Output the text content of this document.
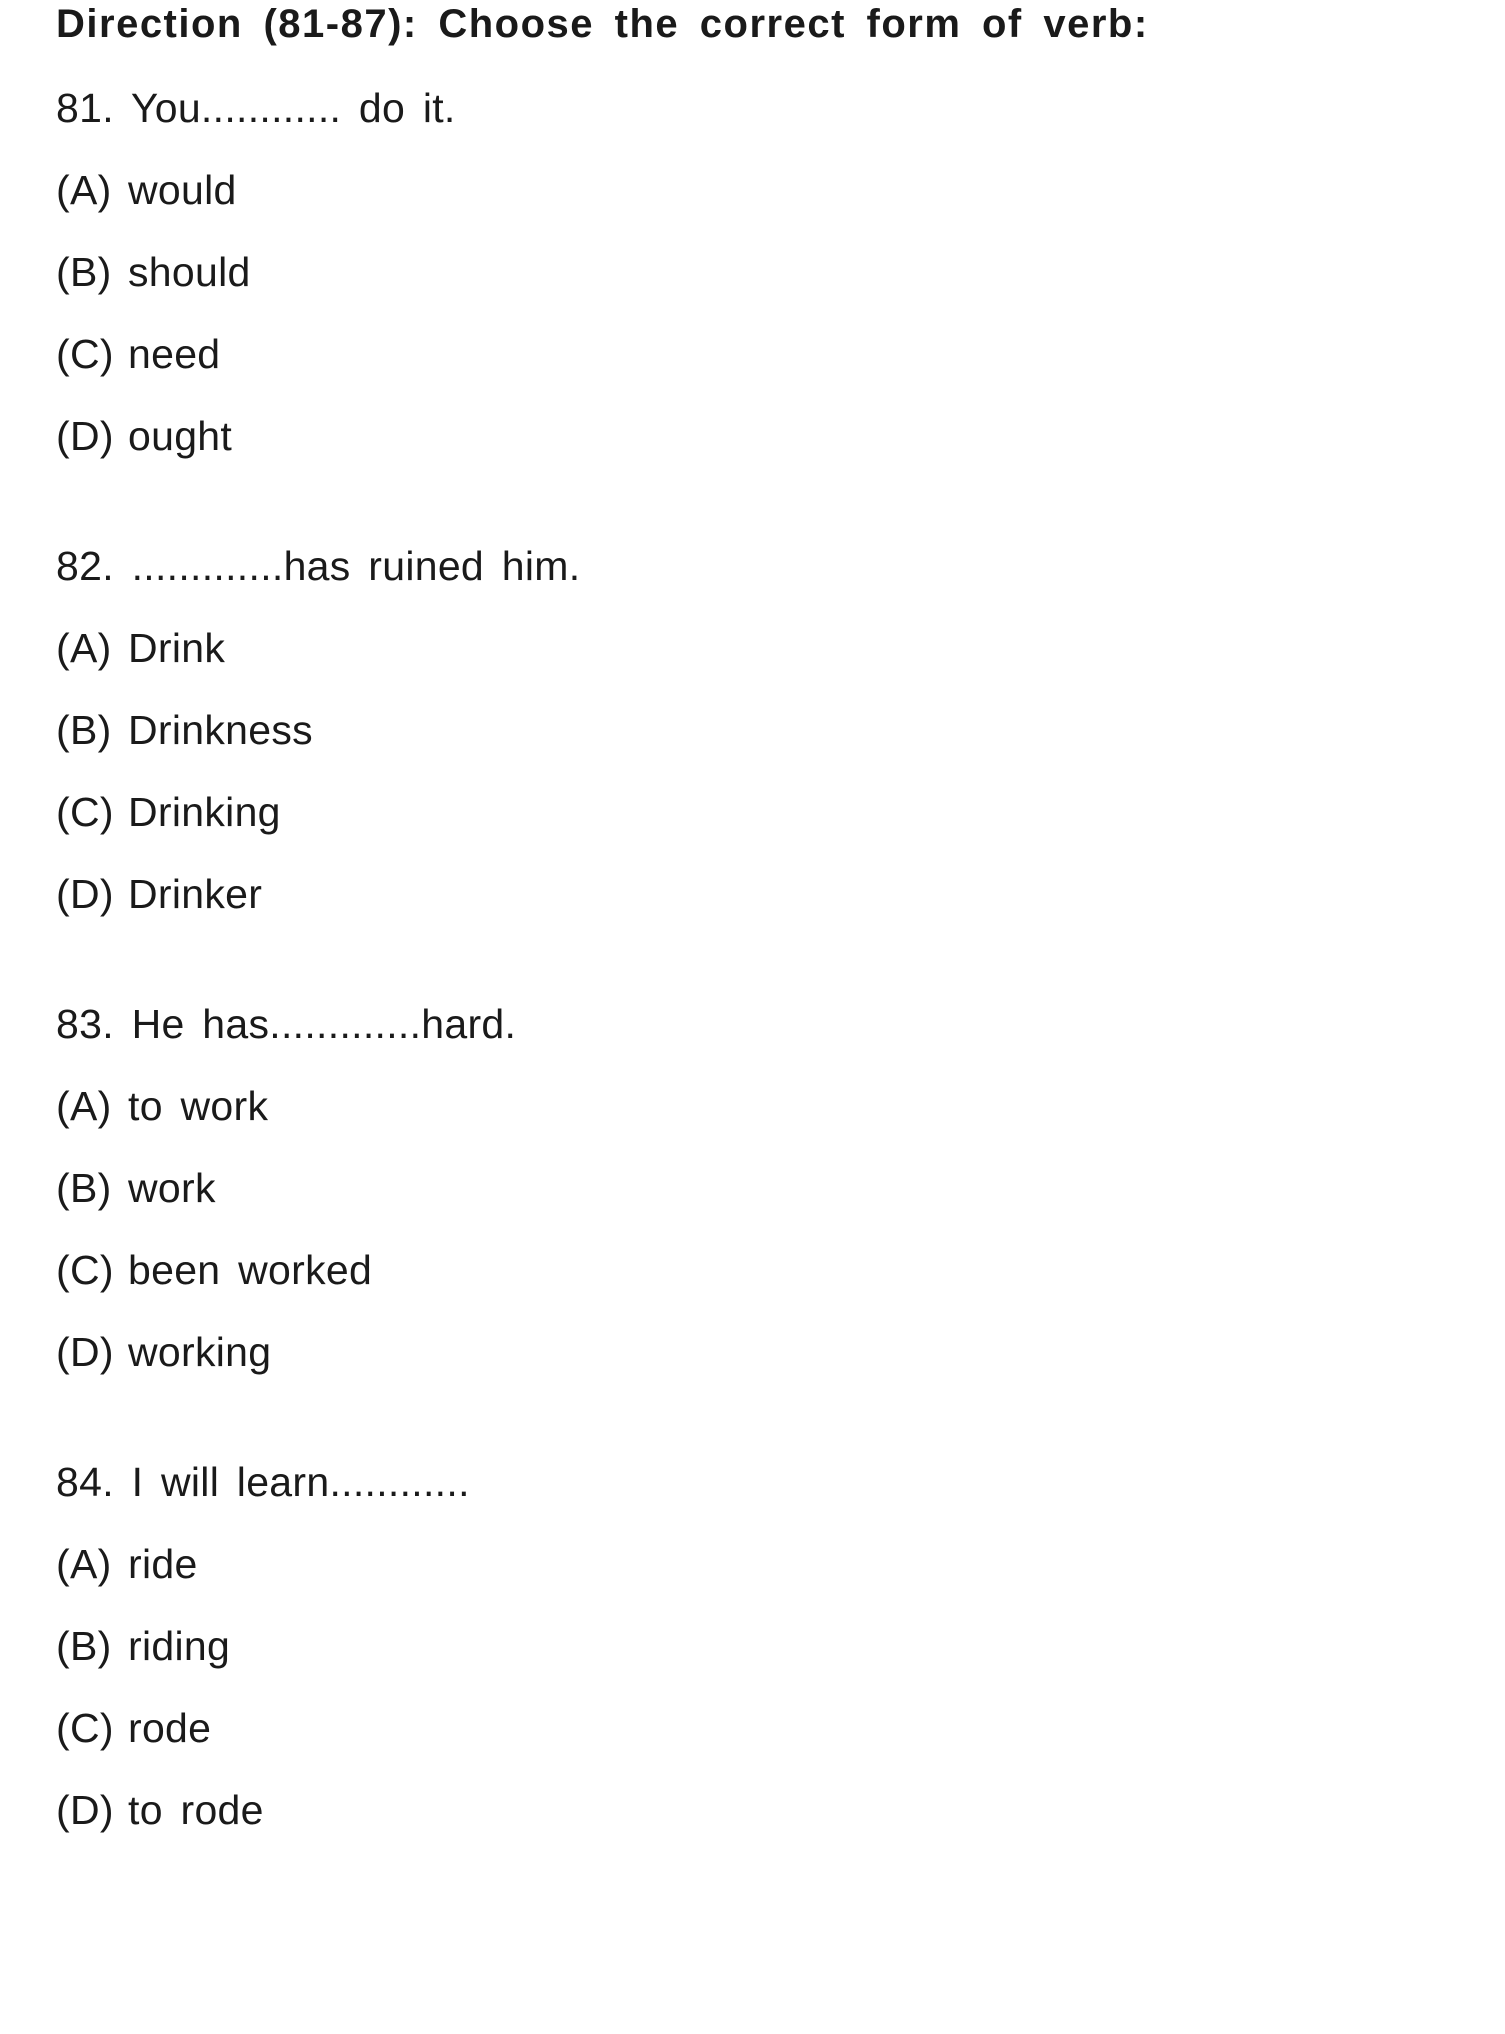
Direction (81-87): Choose the correct form of verb:
81. You............ do it.
(A) would
(B) should
(C) need
(D) ought
82. .............has ruined him.
(A) Drink
(B) Drinkness
(C) Drinking
(D) Drinker
83. He has.............hard.
(A) to work
(B) work
(C) been worked
(D) working
84. I will learn............
(A) ride
(B) riding
(C) rode
(D) to rode
